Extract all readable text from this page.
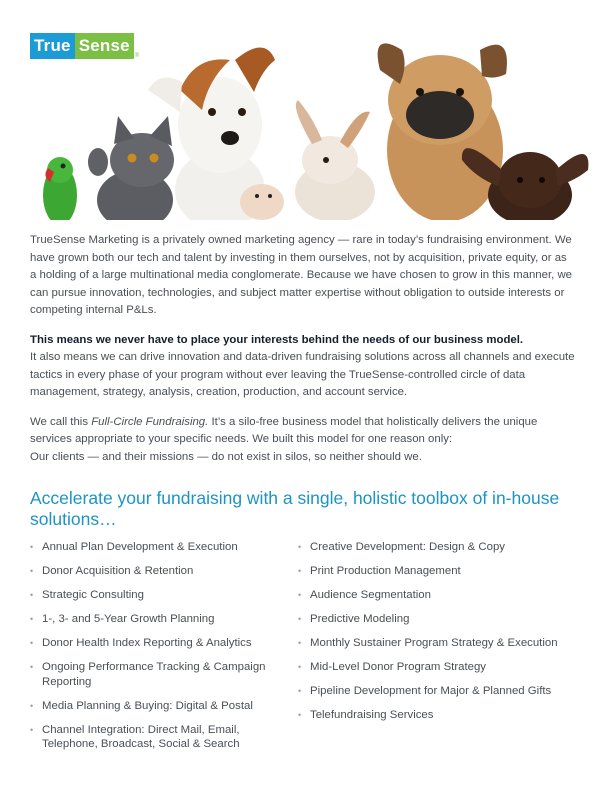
True Sense
®

TrueSense Marketing is a privately owned marketing agency — rare in today’s fundraising environment. We have grown both our tech and talent by investing in them ourselves, not by acquisition, private equity, or as a holding of a large multinational media conglomerate. Because we have chosen to grow in this manner, we can pursue innovation, technologies, and subject matter expertise without obligation to outside interests or competing internal P&Ls.

This means we never have to place your interests behind the needs of our business model.

It also means we can drive innovation and data-driven fundraising solutions across all channels and execute tactics in every phase of your program without ever leaving the TrueSense-controlled circle of data management, strategy, analysis, creation, production, and account service.

We call this Full-Circle Fundraising. It’s a silo-free business model that holistically delivers the unique services appropriate to your specific needs. We built this model for one reason only:

Our clients — and their missions — do not exist in silos, so neither should we.

Accelerate your fundraising with a single, holistic toolbox of in-house solutions…
• Annual Plan Development & Execution
• Donor Acquisition & Retention
• Strategic Consulting
• 1-, 3- and 5-Year Growth Planning
• Donor Health Index Reporting & Analytics
• Ongoing Performance Tracking & Campaign Reporting
• Media Planning & Buying: Digital & Postal
• Channel Integration: Direct Mail, Email, Telephone, Broadcast, Social & Search
• Creative Development: Design & Copy
• Print Production Management
• Audience Segmentation
• Predictive Modeling
• Monthly Sustainer Program Strategy & Execution
• Mid-Level Donor Program Strategy
• Pipeline Development for Major & Planned Gifts
• Telefundraising Services
